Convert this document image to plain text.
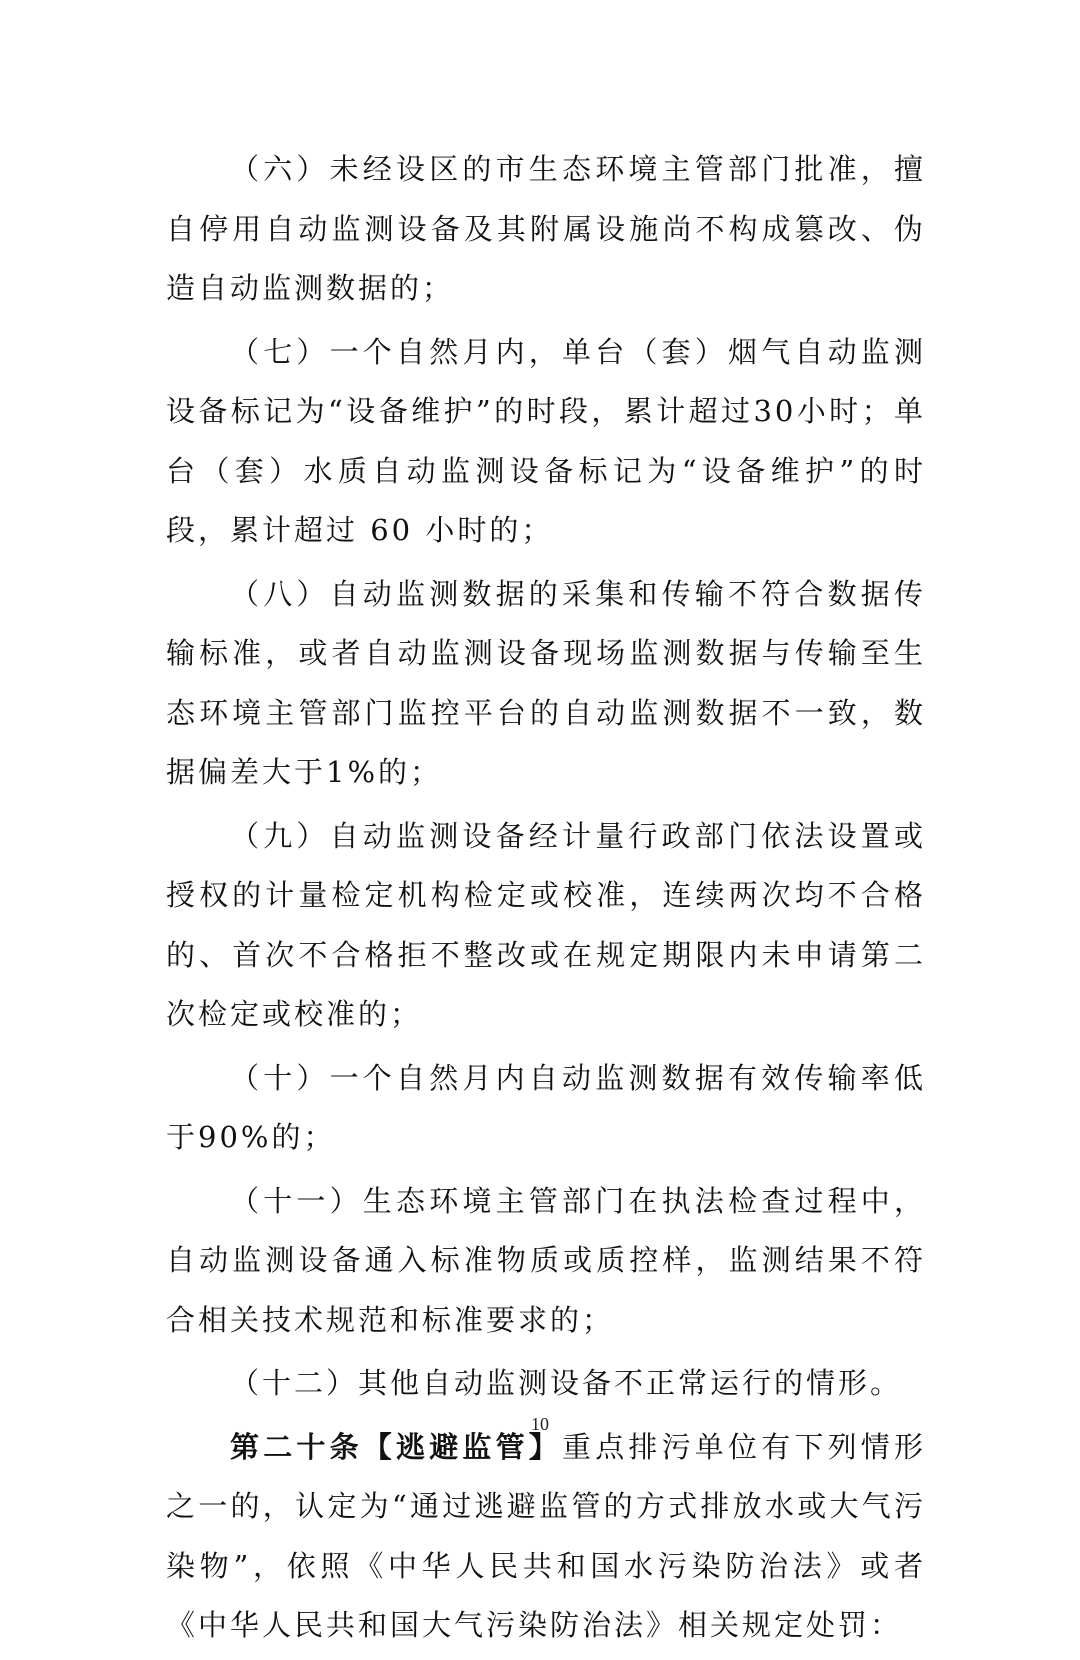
（六）未经设区的市生态环境主管部门批准，擅自停用自动监测设备及其附属设施尚不构成篡改、伪造自动监测数据的；

（七）一个自然月内，单台（套）烟气自动监测设备标记为“设备维护”的时段，累计超过30小时；单台（套）水质自动监测设备标记为“设备维护”的时段，累计超过 60 小时的；

（八）自动监测数据的采集和传输不符合数据传输标准，或者自动监测设备现场监测数据与传输至生态环境主管部门监控平台的自动监测数据不一致，数据偏差大于1%的；

（九）自动监测设备经计量行政部门依法设置或授权的计量检定机构检定或校准，连续两次均不合格的、首次不合格拒不整改或在规定期限内未申请第二次检定或校准的；

（十）一个自然月内自动监测数据有效传输率低于90%的；

（十一）生态环境主管部门在执法检查过程中，自动监测设备通入标准物质或质控样，监测结果不符合相关技术规范和标准要求的；

（十二）其他自动监测设备不正常运行的情形。

第二十条【逃避监管】重点排污单位有下列情形之一的，认定为“通过逃避监管的方式排放水或大气污染物”，依照《中华人民共和国水污染防治法》或者《中华人民共和国大气污染防治法》相关规定处罚：

10
